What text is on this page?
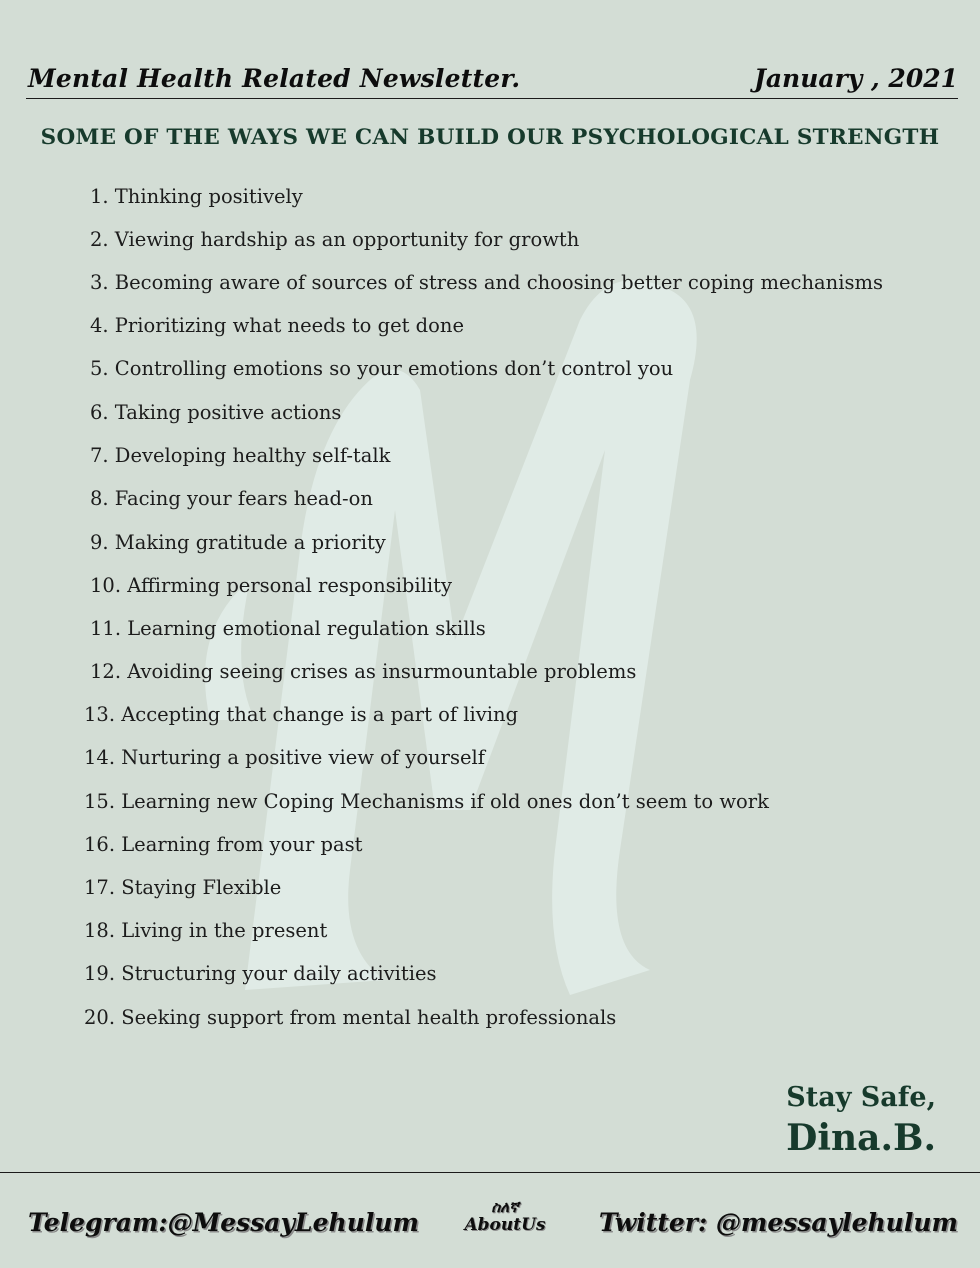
Mental Health Related Newsletter.	January , 2021
SOME OF THE WAYS WE CAN BUILD OUR PSYCHOLOGICAL STRENGTH
1. Thinking positively
2. Viewing hardship as an opportunity for growth
3. Becoming aware of sources of stress and choosing better coping mechanisms
4. Prioritizing what needs to get done
5. Controlling emotions so your emotions don’t control you
6. Taking positive actions
7. Developing healthy self-talk
8. Facing your fears head-on
9. Making gratitude a priority
10. Affirming personal responsibility
11. Learning emotional regulation skills
12. Avoiding seeing crises as insurmountable problems
13. Accepting that change is a part of living
14. Nurturing a positive view of yourself
15. Learning new Coping Mechanisms if old ones don’t seem to work
16. Learning from your past
17. Staying Flexible
18. Living in the present
19. Structuring your daily activities
20. Seeking support from mental health professionals
Stay Safe,
Dina.B.
Telegram:@MessayLehulum
ስለኛ
AboutUs	Twitter: @messaylehulum
